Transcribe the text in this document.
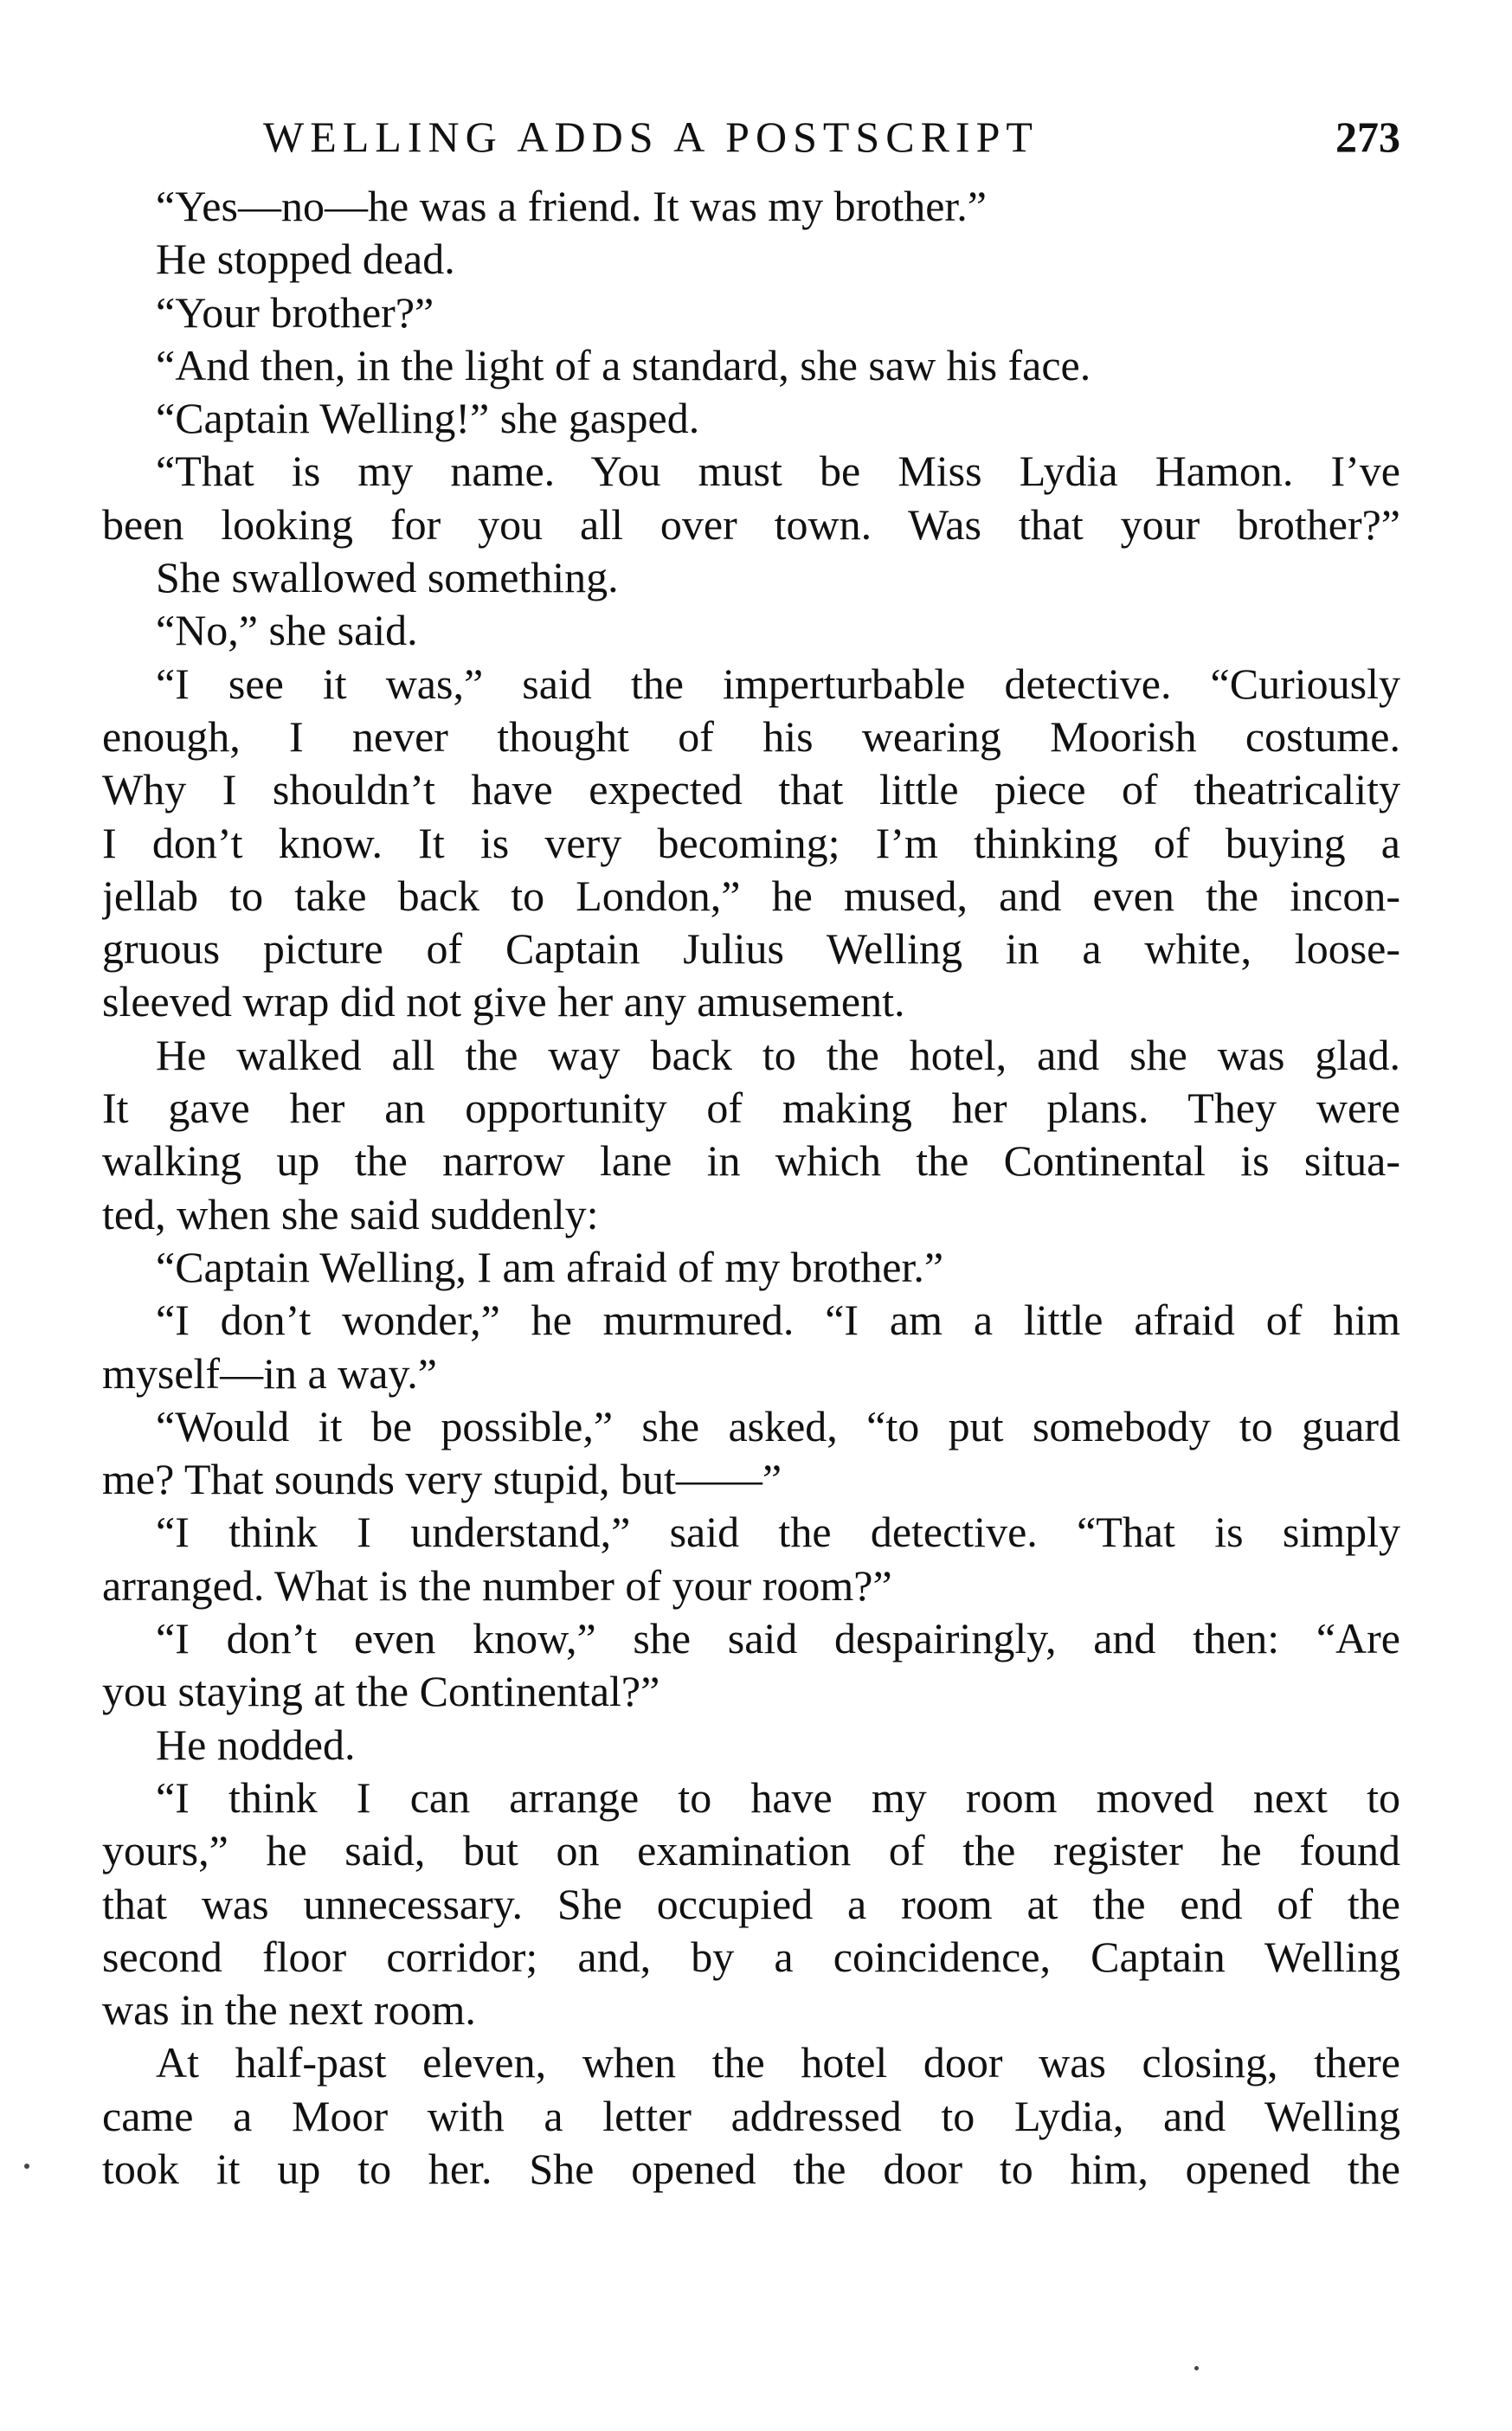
WELLING ADDS A POSTSCRIPT	273
“Yes—no—he was a friend. It was my brother.”
He stopped dead.
“Your brother?”
“And then, in the light of a standard, she saw his face.
“Captain Welling!” she gasped.
“That is my name. You must be Miss Lydia Hamon. I’ve
been looking for you all over town. Was that your brother?”
She swallowed something.
“No,” she said.
“I see it was,” said the imperturbable detective. “Curiously
enough, I never thought of his wearing Moorish costume.
Why I shouldn’t have expected that little piece of theatricality
I don’t know. It is very becoming; I’m thinking of buying a
jellab to take back to London,” he mused, and even the incon-
gruous picture of Captain Julius Welling in a white, loose-
sleeved wrap did not give her any amusement.
He walked all the way back to the hotel, and she was glad.
It gave her an opportunity of making her plans. They were
walking up the narrow lane in which the Continental is situa-
ted, when she said suddenly:
“Captain Welling, I am afraid of my brother.”
“I don’t wonder,” he murmured. “I am a little afraid of him
myself—in a way.”
“Would it be possible,” she asked, “to put somebody to guard
me? That sounds very stupid, but——”
“I think I understand,” said the detective. “That is simply
arranged. What is the number of your room?”
“I don’t even know,” she said despairingly, and then: “Are
you staying at the Continental?”
He nodded.
“I think I can arrange to have my room moved next to
yours,” he said, but on examination of the register he found
that was unnecessary. She occupied a room at the end of the
second floor corridor; and, by a coincidence, Captain Welling
was in the next room.
At half-past eleven, when the hotel door was closing, there
came a Moor with a letter addressed to Lydia, and Welling
took it up to her. She opened the door to him, opened the
